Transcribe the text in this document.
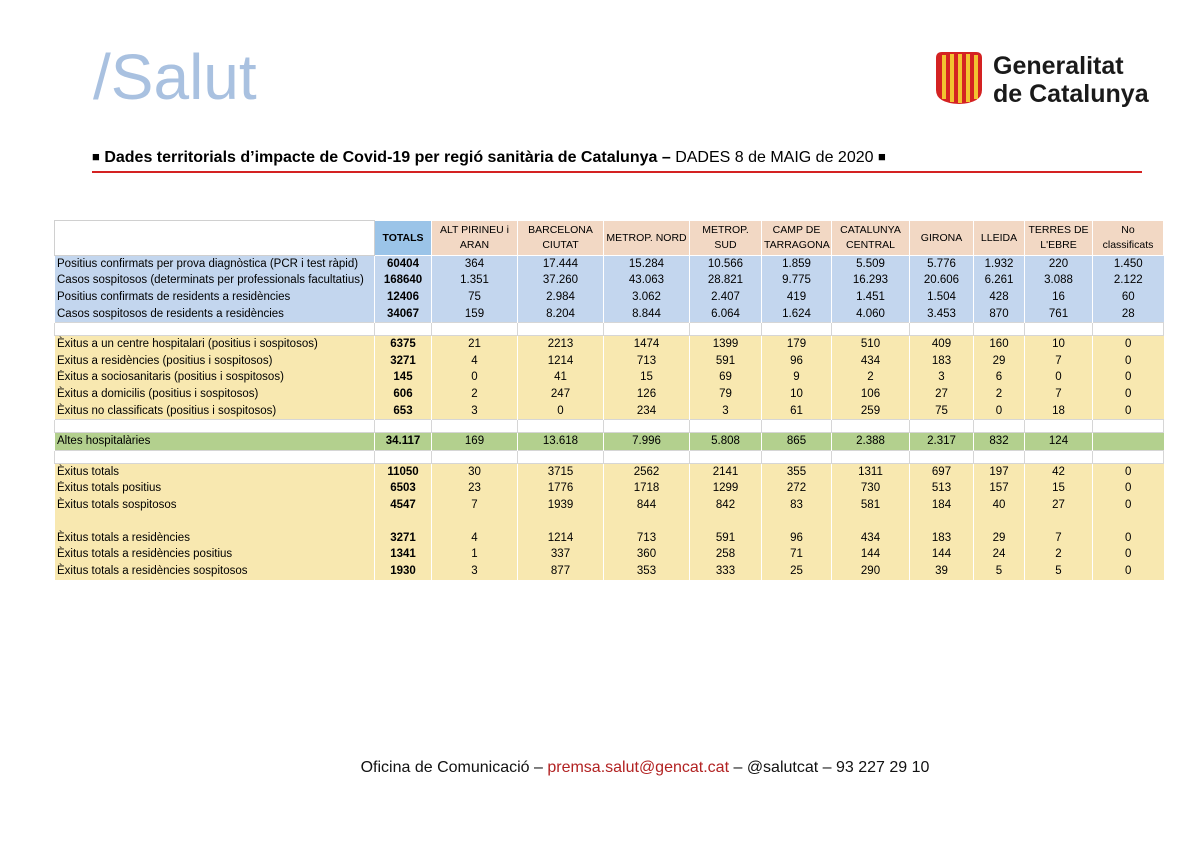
/Salut	Generalitat
de Catalunya
■ Dades territorials d’impacte de Covid-19 per regió sanitària de Catalunya – DADES 8 de MAIG de 2020 ■
	TOTALS	ALT PIRINEU i ARAN	BARCELONA CIUTAT	METROP. NORD	METROP. SUD	CAMP DE TARRAGONA	CATALUNYA CENTRAL	GIRONA	LLEIDA	TERRES DE L'EBRE	No classificats
Positius confirmats per prova diagnòstica (PCR i test ràpid)	60404	364	17.444	15.284	10.566	1.859	5.509	5.776	1.932	220	1.450
Casos sospitosos (determinats per professionals facultatius)	168640	1.351	37.260	43.063	28.821	9.775	16.293	20.606	6.261	3.088	2.122
Positius confirmats de residents a residències	12406	75	2.984	3.062	2.407	419	1.451	1.504	428	16	60
Casos sospitosos de residents a residències	34067	159	8.204	8.844	6.064	1.624	4.060	3.453	870	761	28

Èxitus a un centre hospitalari (positius i sospitosos)	6375	21	2213	1474	1399	179	510	409	160	10	0
Exitus a residències (positius i sospitosos)	3271	4	1214	713	591	96	434	183	29	7	0
Èxitus a sociosanitaris (positius i sospitosos)	145	0	41	15	69	9	2	3	6	0	0
Èxitus a domicilis (positius i sospitosos)	606	2	247	126	79	10	106	27	2	7	0
Èxitus no classificats (positius i sospitosos)	653	3	0	234	3	61	259	75	0	18	0

Altes hospitalàries	34.117	169	13.618	7.996	5.808	865	2.388	2.317	832	124	

Èxitus totals	11050	30	3715	2562	2141	355	1311	697	197	42	0
Èxitus totals positius	6503	23	1776	1718	1299	272	730	513	157	15	0
Èxitus totals sospitosos	4547	7	1939	844	842	83	581	184	40	27	0

Èxitus totals a residències	3271	4	1214	713	591	96	434	183	29	7	0
Èxitus totals a residències positius	1341	1	337	360	258	71	144	144	24	2	0
Èxitus totals a residències sospitosos	1930	3	877	353	333	25	290	39	5	5	0
Oficina de Comunicació – premsa.salut@gencat.cat – @salutcat – 93 227 29 10
